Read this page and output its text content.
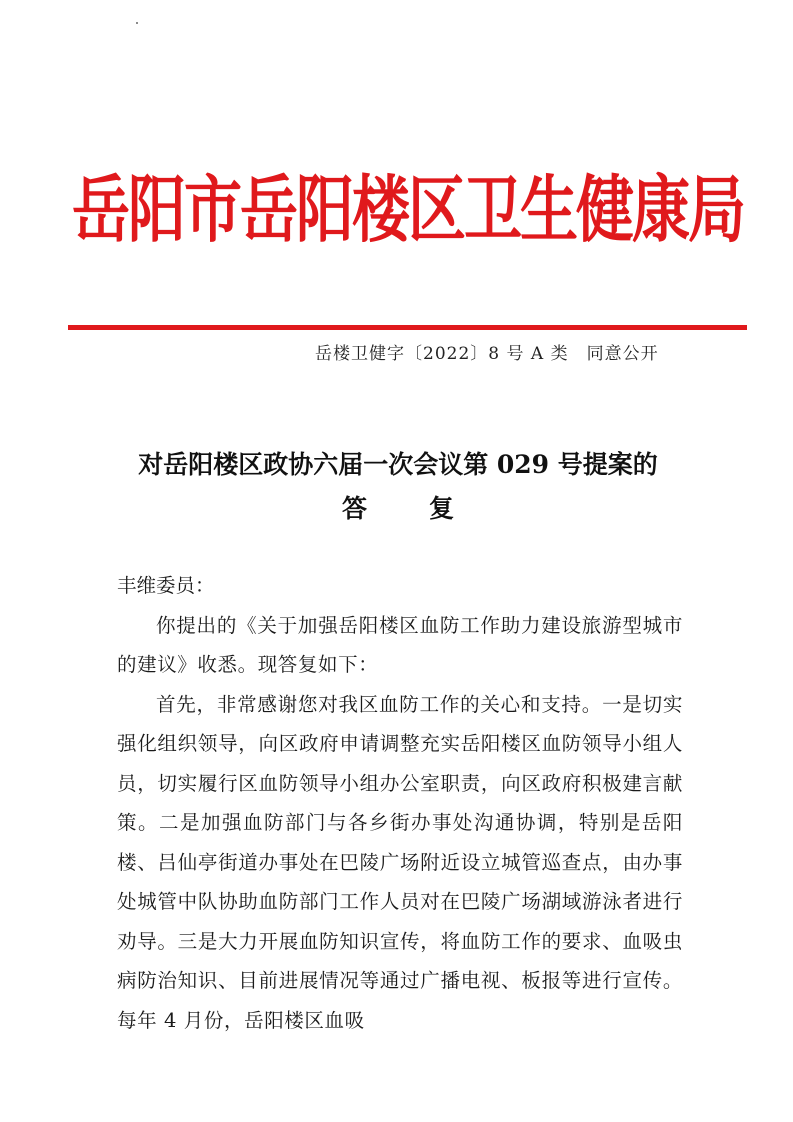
岳阳市岳阳楼区卫生健康局
岳楼卫健字〔2022〕8 号 A 类　同意公开
对岳阳楼区政协六届一次会议第 029 号提案的
答复

丰维委员：

你提出的《关于加强岳阳楼区血防工作助力建设旅游型城市的建议》收悉。现答复如下：

首先，非常感谢您对我区血防工作的关心和支持。一是切实强化组织领导，向区政府申请调整充实岳阳楼区血防领导小组人员，切实履行区血防领导小组办公室职责，向区政府积极建言献策。二是加强血防部门与各乡街办事处沟通协调，特别是岳阳楼、吕仙亭街道办事处在巴陵广场附近设立城管巡查点，由办事处城管中队协助血防部门工作人员对在巴陵广场湖域游泳者进行劝导。三是大力开展血防知识宣传，将血防工作的要求、血吸虫病防治知识、目前进展情况等通过广播电视、板报等进行宣传。每年 4 月份，岳阳楼区血吸
